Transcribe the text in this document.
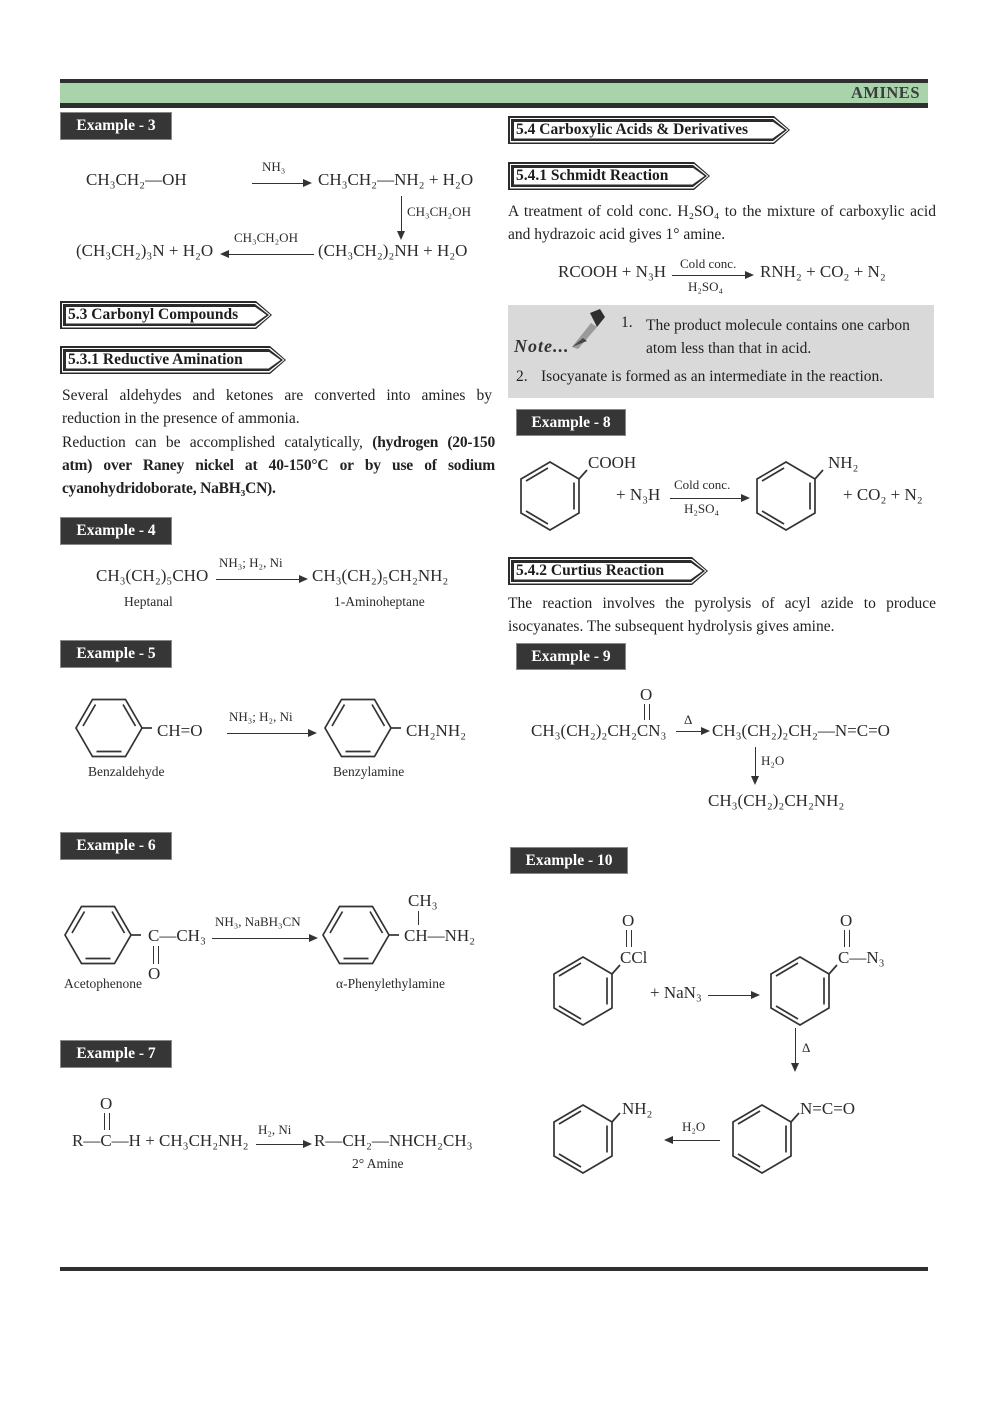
AMINES
Example - 3
CH₃CH₂—OH
NH₃
CH₃CH₂—NH₂ + H₂O
CH₃CH₂OH
(CH₃CH₂)₃N + H₂O
CH₃CH₂OH
(CH₃CH₂)₂NH + H₂O
5.3 Carbonyl Compounds
5.3.1 Reductive Amination
Several aldehydes and ketones are converted into amines by reduction in the presence of ammonia.
Reduction can be accomplished catalytically, (hydrogen (20-150 atm) over Raney nickel at 40-150°C or by use of sodium cyanohydridoborate, NaBH₃CN).
Example - 4
CH₃(CH₂)₅CHO
Heptanal
NH₃; H₂, Ni
CH₃(CH₂)₅CH₂NH₂
1-Aminoheptane
Example - 5
CH=O
NH₃; H₂, Ni
CH₂NH₂
Benzaldehyde	Benzylamine
Example - 6
C—CH₃
O
NH₃, NaBH₃CN
CH₃
CH—NH₂
Acetophenone	α-Phenylethylamine
Example - 7
O
R—C—H + CH₃CH₂NH₂ →
H₂, Ni
R—CH₂—NHCH₂CH₃
2° Amine
5.4 Carboxylic Acids & Derivatives
5.4.1 Schmidt Reaction
A treatment of cold conc. H₂SO₄ to the mixture of carboxylic acid and hydrazoic acid gives 1° amine.
RCOOH + N₃H Cold conc.
H₂SO₄
RNH₂ + CO₂ + N₂
Note...
1. The product molecule contains one carbon atom less than that in acid.
2. Isocyanate is formed as an intermediate in the reaction.
Example - 8
COOH
+ N₃H
Cold conc.
H₂SO₄
NH₂
+ CO₂ + N₂
5.4.2 Curtius Reaction
The reaction involves the pyrolysis of acyl azide to produce isocyanates. The subsequent hydrolysis gives amine.
Example - 9
O
CH₃(CH₂)₂CH₂CN₃ →
Δ
CH₃(CH₂)₂CH₂—N=C=O
H₂O
CH₃(CH₂)₂CH₂NH₂
Example - 10
O
CCl
+ NaN₃ →
O
C—N₃
Δ
N=C=O
H₂O
NH₂
